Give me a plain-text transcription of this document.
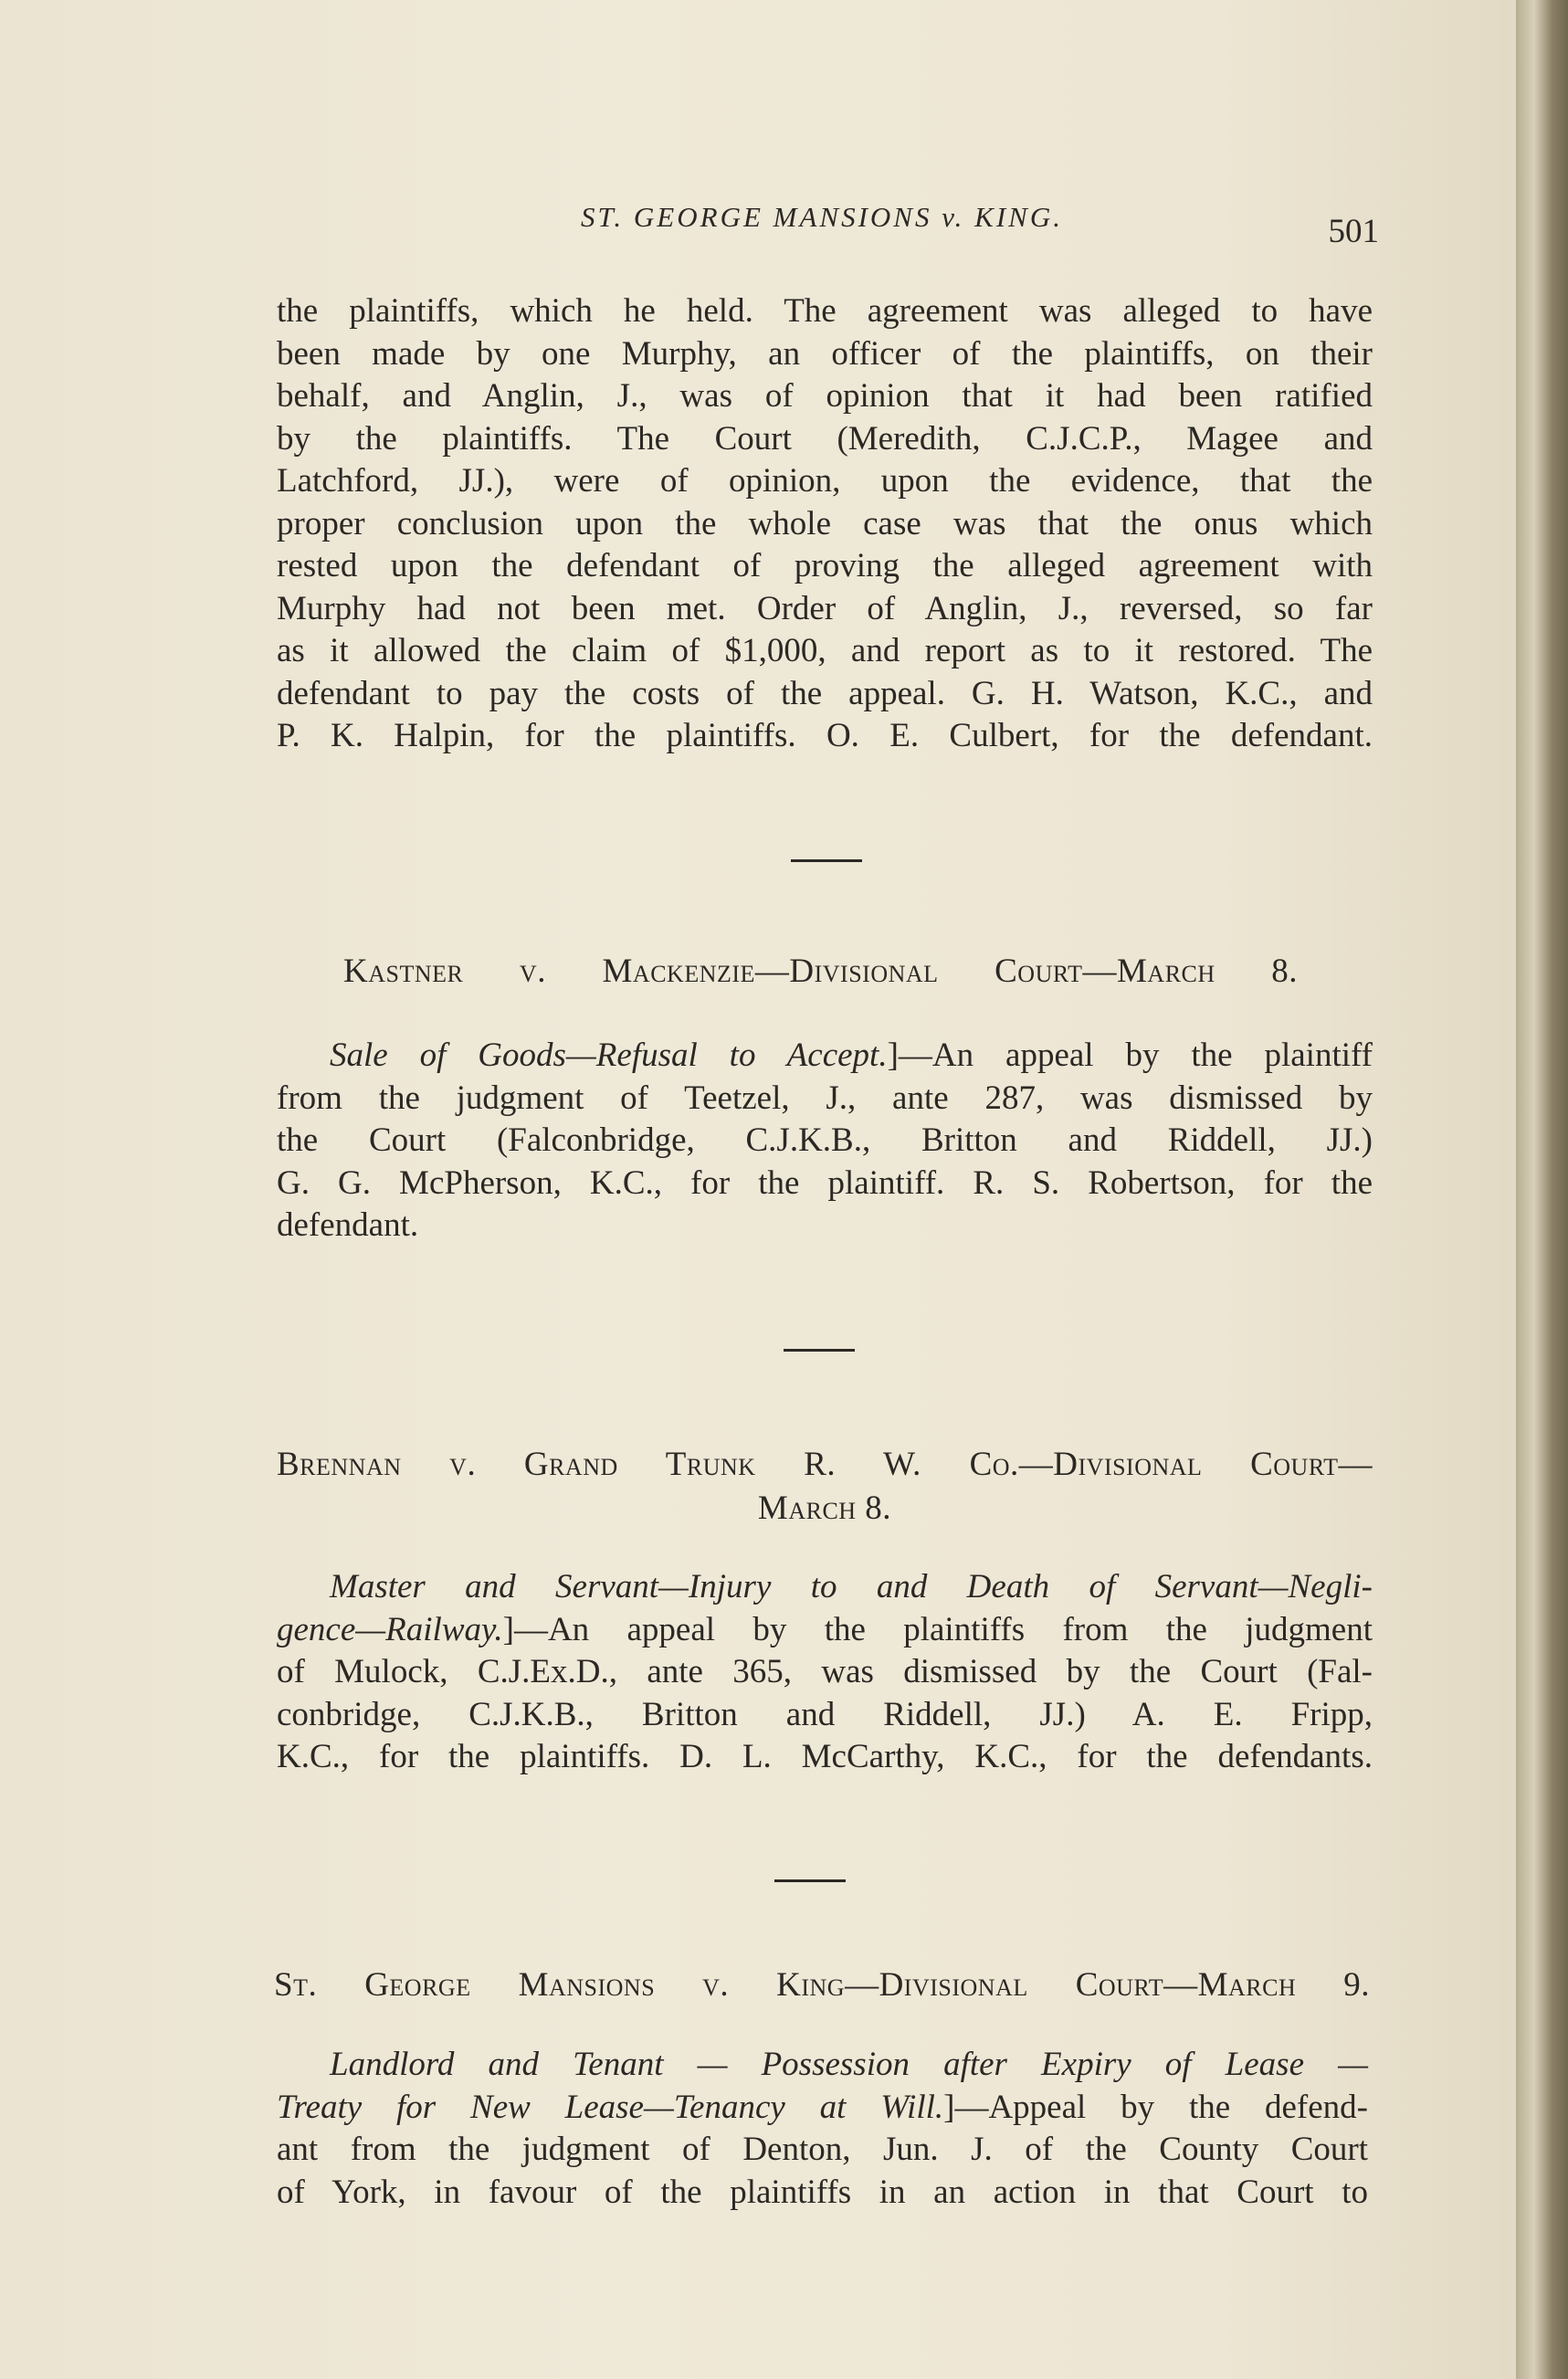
ST. GEORGE MANSIONS v. KING.	501
the plaintiffs, which he held. The agreement was alleged to have
been made by one Murphy, an officer of the plaintiffs, on their
behalf, and Anglin, J., was of opinion that it had been ratified
by the plaintiffs. The Court (Meredith, C.J.C.P., Magee and
Latchford, JJ.), were of opinion, upon the evidence, that the
proper conclusion upon the whole case was that the onus which
rested upon the defendant of proving the alleged agreement with
Murphy had not been met. Order of Anglin, J., reversed, so far
as it allowed the claim of $1,000, and report as to it restored. The
defendant to pay the costs of the appeal. G. H. Watson, K.C., and
P. K. Halpin, for the plaintiffs. O. E. Culbert, for the defendant.
Kastner v. Mackenzie—Divisional Court—March 8.
Sale of Goods—Refusal to Accept.]—An appeal by the plaintiff
from the judgment of Teetzel, J., ante 287, was dismissed by
the Court (Falconbridge, C.J.K.B., Britton and Riddell, JJ.)
G. G. McPherson, K.C., for the plaintiff. R. S. Robertson, for the
defendant.
Brennan v. Grand Trunk R. W. Co.—Divisional Court—
March 8.
Master and Servant—Injury to and Death of Servant—Negli-
gence—Railway.]—An appeal by the plaintiffs from the judgment
of Mulock, C.J.Ex.D., ante 365, was dismissed by the Court (Fal-
conbridge, C.J.K.B., Britton and Riddell, JJ.) A. E. Fripp,
K.C., for the plaintiffs. D. L. McCarthy, K.C., for the defendants.
St. George Mansions v. King—Divisional Court—March 9.
Landlord and Tenant — Possession after Expiry of Lease —
Treaty for New Lease—Tenancy at Will.]—Appeal by the defend-
ant from the judgment of Denton, Jun. J. of the County Court
of York, in favour of the plaintiffs in an action in that Court to
